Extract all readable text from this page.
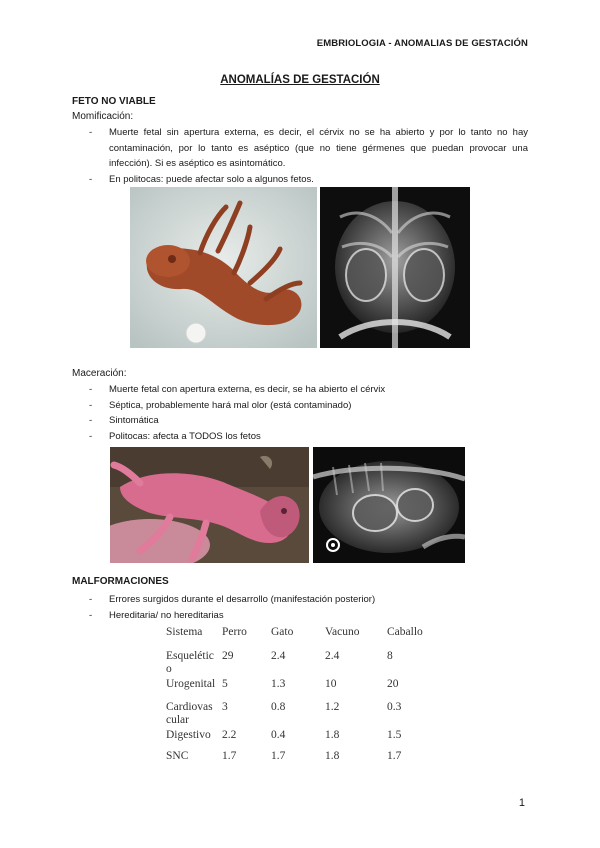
EMBRIOLOGIA - ANOMALIAS DE GESTACIÓN
ANOMALÍAS DE GESTACIÓN
FETO NO VIABLE
Momificación:
- Muerte fetal sin apertura externa, es decir, el cérvix no se ha abierto y por lo tanto no hay contaminación, por lo tanto es aséptico (que no tiene gérmenes que puedan provocar una infección). Si es aséptico es asintomático.
- En politocas: puede afectar solo a algunos fetos.
Maceración:
- Muerte fetal con apertura externa, es decir, se ha abierto el cérvix
- Séptica, probablemente hará mal olor (está contaminado)
- Sintomática
- Politocas: afecta a TODOS los fetos
MALFORMACIONES
- Errores surgidos durante el desarrollo (manifestación posterior)
- Hereditaria/ no hereditarias
Sistema	Perro	Gato	Vacuno	Caballo
Esquelétic
o	29	2.4	2.4	8
Urogenital	5	1.3	10	20
Cardiovas
cular	3	0.8	1.2	0.3
Digestivo	2.2	0.4	1.8	1.5
SNC	1.7	1.7	1.8	1.7
1
